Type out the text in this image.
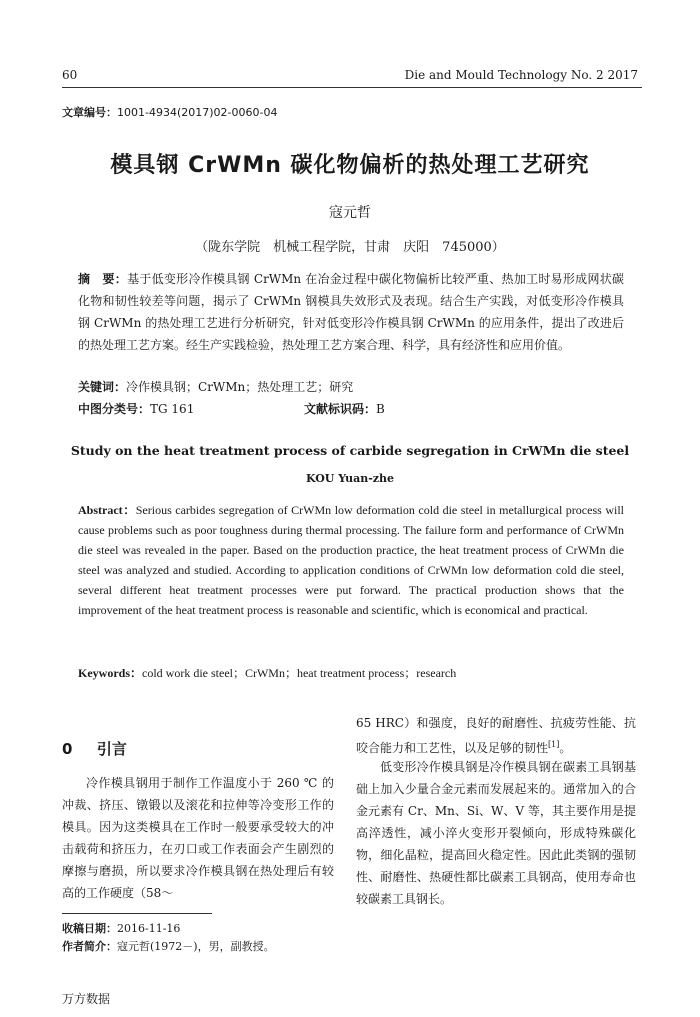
60	Die and Mould Technology No. 2 2017
文章编号：1001-4934(2017)02-0060-04
模具钢 CrWMn 碳化物偏析的热处理工艺研究
寇元哲
（陇东学院　机械工程学院，甘肃　庆阳　745000）
摘　要：基于低变形冷作模具钢 CrWMn 在冶金过程中碳化物偏析比较严重、热加工时易形成网状碳化物和韧性较差等问题，揭示了 CrWMn 钢模具失效形式及表现。结合生产实践，对低变形冷作模具钢 CrWMn 的热处理工艺进行分析研究，针对低变形冷作模具钢 CrWMn 的应用条件，提出了改进后的热处理工艺方案。经生产实践检验，热处理工艺方案合理、科学，具有经济性和应用价值。
关键词：冷作模具钢；CrWMn；热处理工艺；研究
中图分类号：TG 161	文献标识码：B
Study on the heat treatment process of carbide segregation in CrWMn die steel
KOU Yuan-zhe
Abstract：Serious carbides segregation of CrWMn low deformation cold die steel in metallurgical process will cause problems such as poor toughness during thermal processing. The failure form and performance of CrWMn die steel was revealed in the paper. Based on the production practice, the heat treatment process of CrWMn die steel was analyzed and studied. According to application conditions of CrWMn low deformation cold die steel, several different heat treatment processes were put forward. The practical production shows that the improvement of the heat treatment process is reasonable and scientific, which is economical and practical.
Keywords：cold work die steel；CrWMn；heat treatment process；research
0 引言
冷作模具钢用于制作工作温度小于 260 ℃ 的冲裁、挤压、镦锻以及滚花和拉伸等冷变形工作的模具。因为这类模具在工作时一般要承受较大的冲击载荷和挤压力，在刃口或工作表面会产生剧烈的摩擦与磨损，所以要求冷作模具钢在热处理后有较高的工作硬度（58～
65 HRC）和强度，良好的耐磨性、抗疲劳性能、抗咬合能力和工艺性，以及足够的韧性[1]。
低变形冷作模具钢是冷作模具钢在碳素工具钢基础上加入少量合金元素而发展起来的。通常加入的合金元素有 Cr、Mn、Si、W、V 等，其主要作用是提高淬透性，减小淬火变形开裂倾向，形成特殊碳化物，细化晶粒，提高回火稳定性。因此此类钢的强韧性、耐磨性、热硬性都比碳素工具钢高，使用寿命也较碳素工具钢长。
收稿日期：2016-11-16
作者简介：寇元哲(1972－)，男，副教授。
万方数据
